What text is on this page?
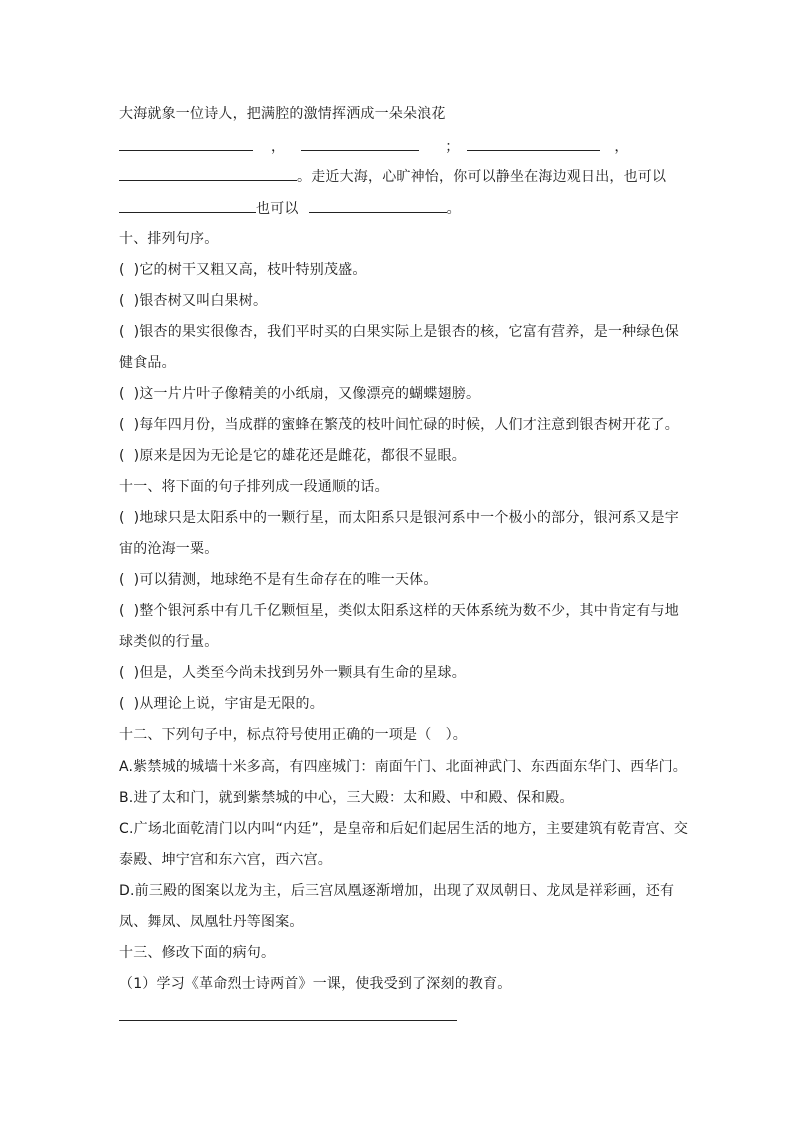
大海就象一位诗人，把满腔的激情挥洒成一朵朵浪花
，	；	，
。走近大海，心旷神怡，你可以静坐在海边观日出，也可以
也可以	。
十、排列句序。
( )它的树干又粗又高，枝叶特别茂盛。
( )银杏树又叫白果树。
( )银杏的果实很像杏，我们平时买的白果实际上是银杏的核，它富有营养，是一种绿色保
健食品。
( )这一片片叶子像精美的小纸扇，又像漂亮的蝴蝶翅膀。
( )每年四月份，当成群的蜜蜂在繁茂的枝叶间忙碌的时候，人们才注意到银杏树开花了。
( )原来是因为无论是它的雄花还是雌花，都很不显眼。
十一、将下面的句子排列成一段通顺的话。
( )地球只是太阳系中的一颗行星，而太阳系只是银河系中一个极小的部分，银河系又是宇
宙的沧海一粟。
( )可以猜测，地球绝不是有生命存在的唯一天体。
( )整个银河系中有几千亿颗恒星，类似太阳系这样的天体系统为数不少，其中肯定有与地
球类似的行量。
( )但是，人类至今尚未找到另外一颗具有生命的星球。
( )从理论上说，宇宙是无限的。
十二、下列句子中，标点符号使用正确的一项是（　）。
A.紫禁城的城墙十米多高，有四座城门：南面午门、北面神武门、东西面东华门、西华门。
B.进了太和门，就到紫禁城的中心，三大殿：太和殿、中和殿、保和殿。
C.广场北面乾清门以内叫“内廷”，是皇帝和后妃们起居生活的地方，主要建筑有乾青宫、交
泰殿、坤宁宫和东六宫，西六宫。
D.前三殿的图案以龙为主，后三宫凤凰逐渐增加，出现了双凤朝日、龙凤是祥彩画，还有
凤、舞凤、凤凰牡丹等图案。
十三、修改下面的病句。
（1）学习《革命烈士诗两首》一课，使我受到了深刻的教育。
